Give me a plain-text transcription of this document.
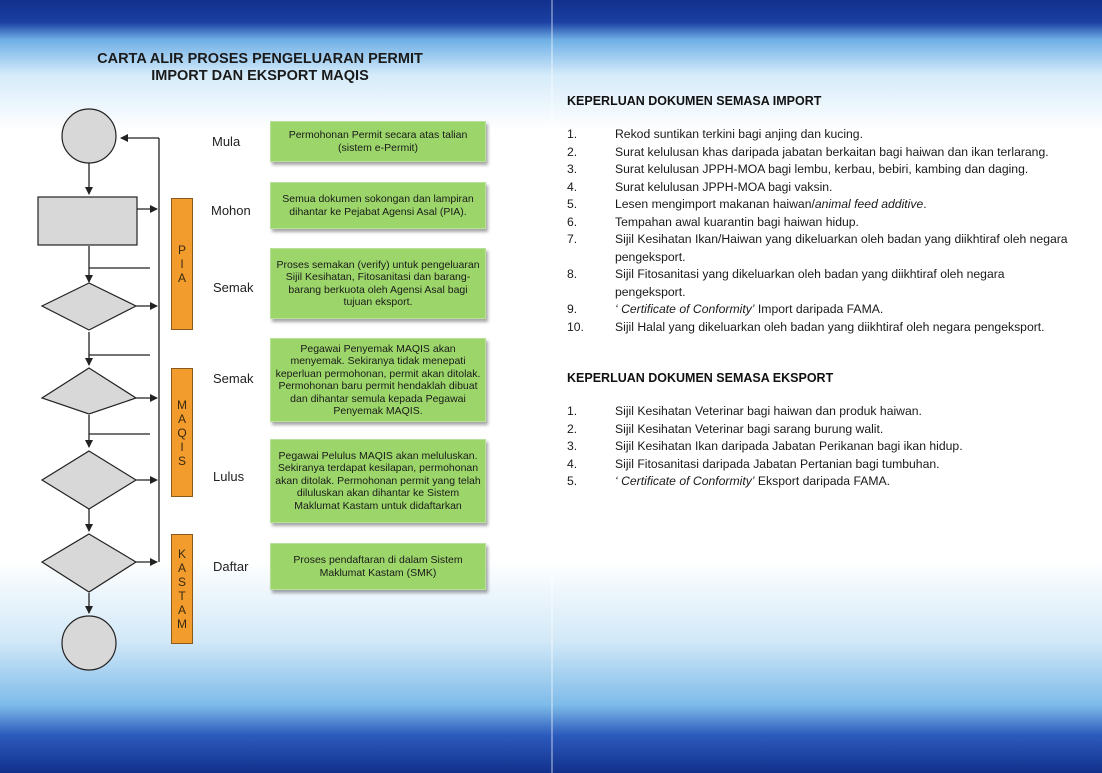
CARTA ALIR PROSES PENGELUARAN PERMIT
IMPORT DAN EKSPORT MAQIS
Mula
Mohon
Semak
Semak
Lulus
Daftar
P
I
A
M
A
Q
I
S
K
A
S
T
A
M
Permohonan Permit secara atas talian (sistem e-Permit)
Semua dokumen sokongan dan lampiran dihantar ke Pejabat Agensi Asal (PIA).
Proses semakan (verify) untuk pengeluaran Sijil Kesihatan, Fitosanitasi dan barang-barang berkuota oleh Agensi Asal bagi tujuan eksport.
Pegawai Penyemak MAQIS akan menyemak. Sekiranya tidak menepati keperluan permohonan, permit akan ditolak. Permohonan baru permit hendaklah dibuat dan dihantar semula kepada Pegawai Penyemak MAQIS.
Pegawai Pelulus MAQIS akan meluluskan. Sekiranya terdapat kesilapan, permohonan akan ditolak. Permohonan permit yang telah diluluskan akan dihantar ke Sistem Maklumat Kastam untuk didaftarkan
Proses pendaftaran di dalam Sistem Maklumat Kastam (SMK)
KEPERLUAN DOKUMEN SEMASA IMPORT
1.	Rekod suntikan terkini bagi anjing dan kucing.
2.	Surat kelulusan khas daripada jabatan berkaitan bagi haiwan dan ikan terlarang.
3.	Surat kelulusan JPPH-MOA bagi lembu, kerbau, bebiri, kambing dan daging.
4.	Surat kelulusan JPPH-MOA bagi vaksin.
5.	Lesen mengimport makanan haiwan/animal feed additive.
6.	Tempahan awal kuarantin bagi haiwan hidup.
7.	Sijil Kesihatan Ikan/Haiwan yang dikeluarkan oleh badan yang diikhtiraf oleh negara pengeksport.
8.	Sijil Fitosanitasi yang dikeluarkan oleh badan yang diikhtiraf oleh negara pengeksport.
9.	‘ Certificate of Conformity’ Import daripada FAMA.
10.	Sijil Halal yang dikeluarkan oleh badan yang diikhtiraf oleh negara pengeksport.
KEPERLUAN DOKUMEN SEMASA EKSPORT
1.	Sijil Kesihatan Veterinar bagi haiwan dan produk haiwan.
2.	Sijil Kesihatan Veterinar bagi sarang burung walit.
3.	Sijil Kesihatan Ikan daripada Jabatan Perikanan bagi ikan hidup.
4.	Sijil Fitosanitasi daripada Jabatan Pertanian bagi tumbuhan.
5.	‘ Certificate of Conformity’ Eksport daripada FAMA.
